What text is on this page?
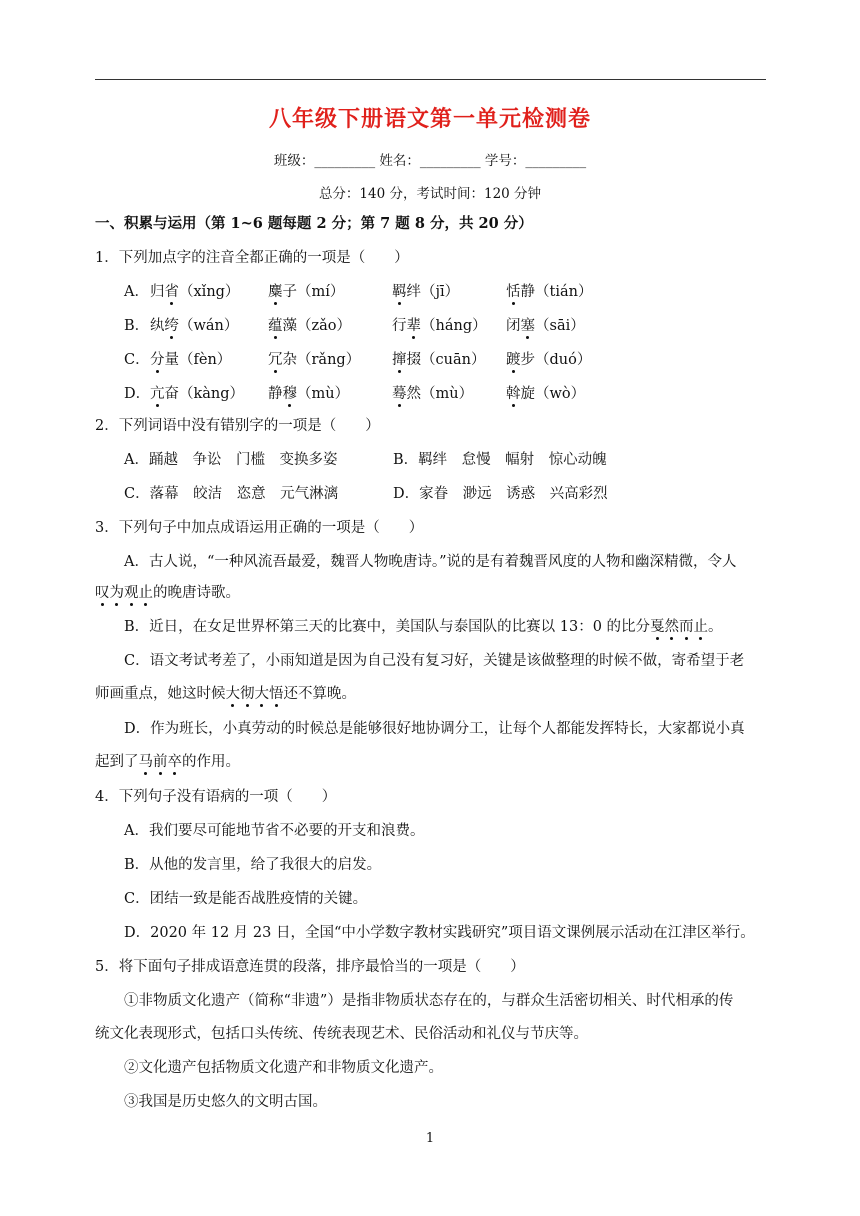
八年级下册语文第一单元检测卷
班级：_________ 姓名：_________ 学号：_________
总分：140 分，考试时间：120 分钟
一、积累与运用（第 1~6 题每题 2 分；第 7 题 8 分，共 20 分）
1．下列加点字的注音全都正确的一项是（　　）
A． 归省（xǐng） 麋子（mí）	羁绊（jī）	恬静（tián）
B． 纨绔（wán） 蕴藻（zǎo）	行辈（háng） 闭塞（sāi）
C． 分量（fèn）	冗杂（rǎng） 撺掇（cuān） 踱步（duó）
D． 亢奋（kàng） 静穆（mù）	蓦然（mù） 斡旋（wò）
2．下列词语中没有错别字的一项是（　　）
A．踊越　争讼　门槛　变换多姿	B．羁绊　怠慢　幅射　惊心动魄
C．落幕　皎洁　恣意　元气淋漓	D．家眷　渺远　诱惑　兴高彩烈
3．下列句子中加点成语运用正确的一项是（　　）
A．古人说，“一种风流吾最爱，魏晋人物晚唐诗。”说的是有着魏晋风度的人物和幽深精微，令人
叹为观止的晚唐诗歌。
B．近日，在女足世界杯第三天的比赛中，美国队与泰国队的比赛以 13：0 的比分戛然而止。
C．语文考试考差了，小雨知道是因为自己没有复习好，关键是该做整理的时候不做，寄希望于老
师画重点，她这时候大彻大悟还不算晚。
D．作为班长，小真劳动的时候总是能够很好地协调分工，让每个人都能发挥特长，大家都说小真
起到了马前卒的作用。
4．下列句子没有语病的一项（　　）
A．我们要尽可能地节省不必要的开支和浪费。
B．从他的发言里，给了我很大的启发。
C．团结一致是能否战胜疫情的关键。
D．2020 年 12 月 23 日，全国“中小学数字教材实践研究”项目语文课例展示活动在江津区举行。
5．将下面句子排成语意连贯的段落，排序最恰当的一项是（　　）
①非物质文化遗产（简称“非遗”）是指非物质状态存在的，与群众生活密切相关、时代相承的传
统文化表现形式，包括口头传统、传统表现艺术、民俗活动和礼仪与节庆等。
②文化遗产包括物质文化遗产和非物质文化遗产。
③我国是历史悠久的文明古国。
1
